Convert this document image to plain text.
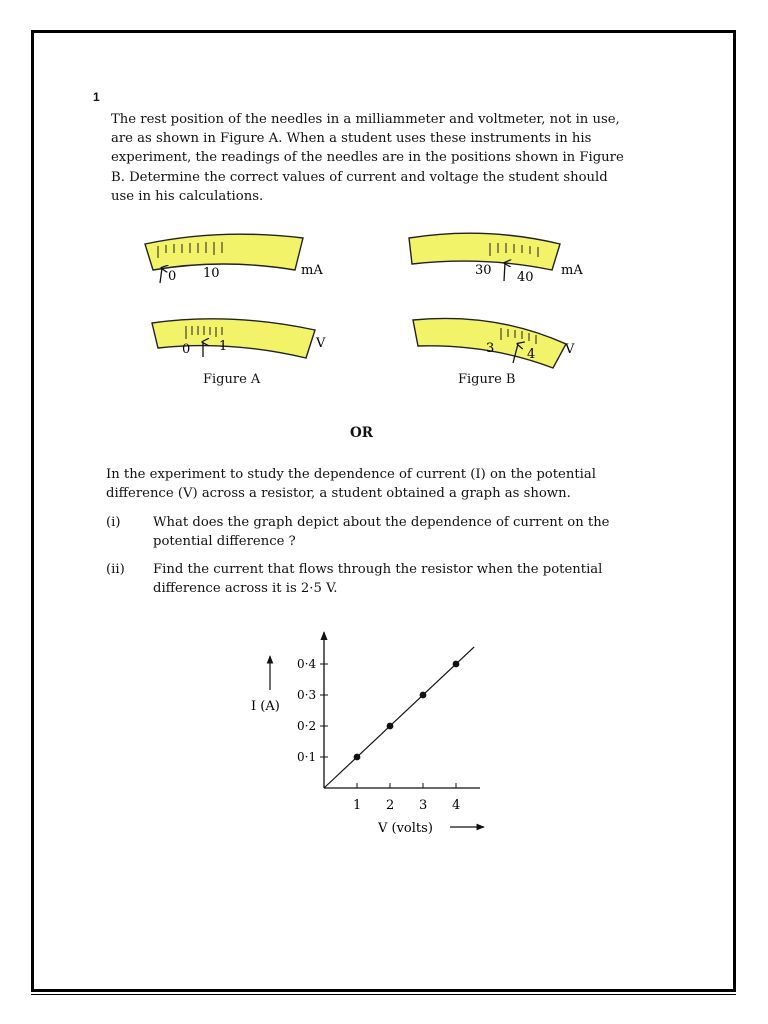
1

The rest position of the needles in a milliammeter and voltmeter, not in use, are as shown in Figure A. When a student uses these instruments in his experiment, the readings of the needles are in the positions shown in Figure B. Determine the correct values of current and voltage the student should use in his calculations.

0 10	mA	30 40 mA
0 1	V	3	4 V
Figure A	Figure B
OR

In the experiment to study the dependence of current (I) on the potential difference (V) across a resistor, a student obtained a graph as shown.

(i) What does the graph depict about the dependence of current on the potential difference ?
(ii) Find the current that flows through the resistor when the potential difference across it is 2·5 V.
I (A)
V (volts)
1 2 3 4
0·1
0·2
0·3
0·4
